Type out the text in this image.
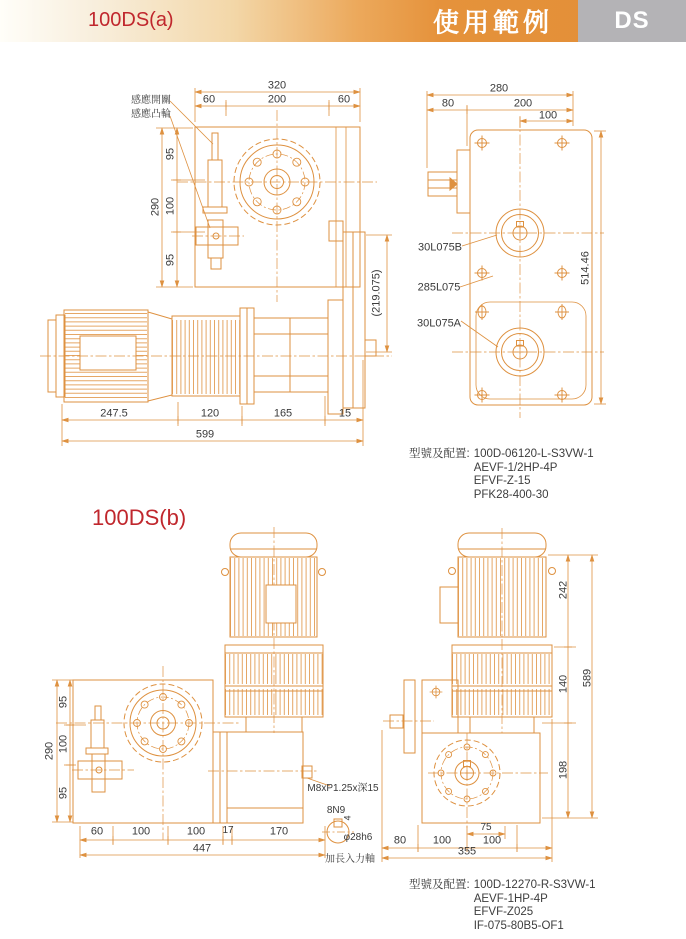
100DS(a)	使用範例	DS
感應開關
感應凸輪
320
60	200	60
290
95
100
95
(219.075)
247.5	120	165	15
599
280
80	200
100
514.46
30L075B
285L075
30L075A
型號及配置: 100D-06120-L-S3VW-1
AEVF-1/2HP-4P
EFVF-Z-15
PFK28-400-30
100DS(b)
290
95
100
95
60	100	100 17	170
447
M8xP1.25x深15
8N9
4
φ28h6
加長入力軸
242
140
198
589
75
80 100	100
355
型號及配置: 100D-12270-R-S3VW-1
AEVF-1HP-4P
EFVF-Z025
IF-075-80B5-OF1
